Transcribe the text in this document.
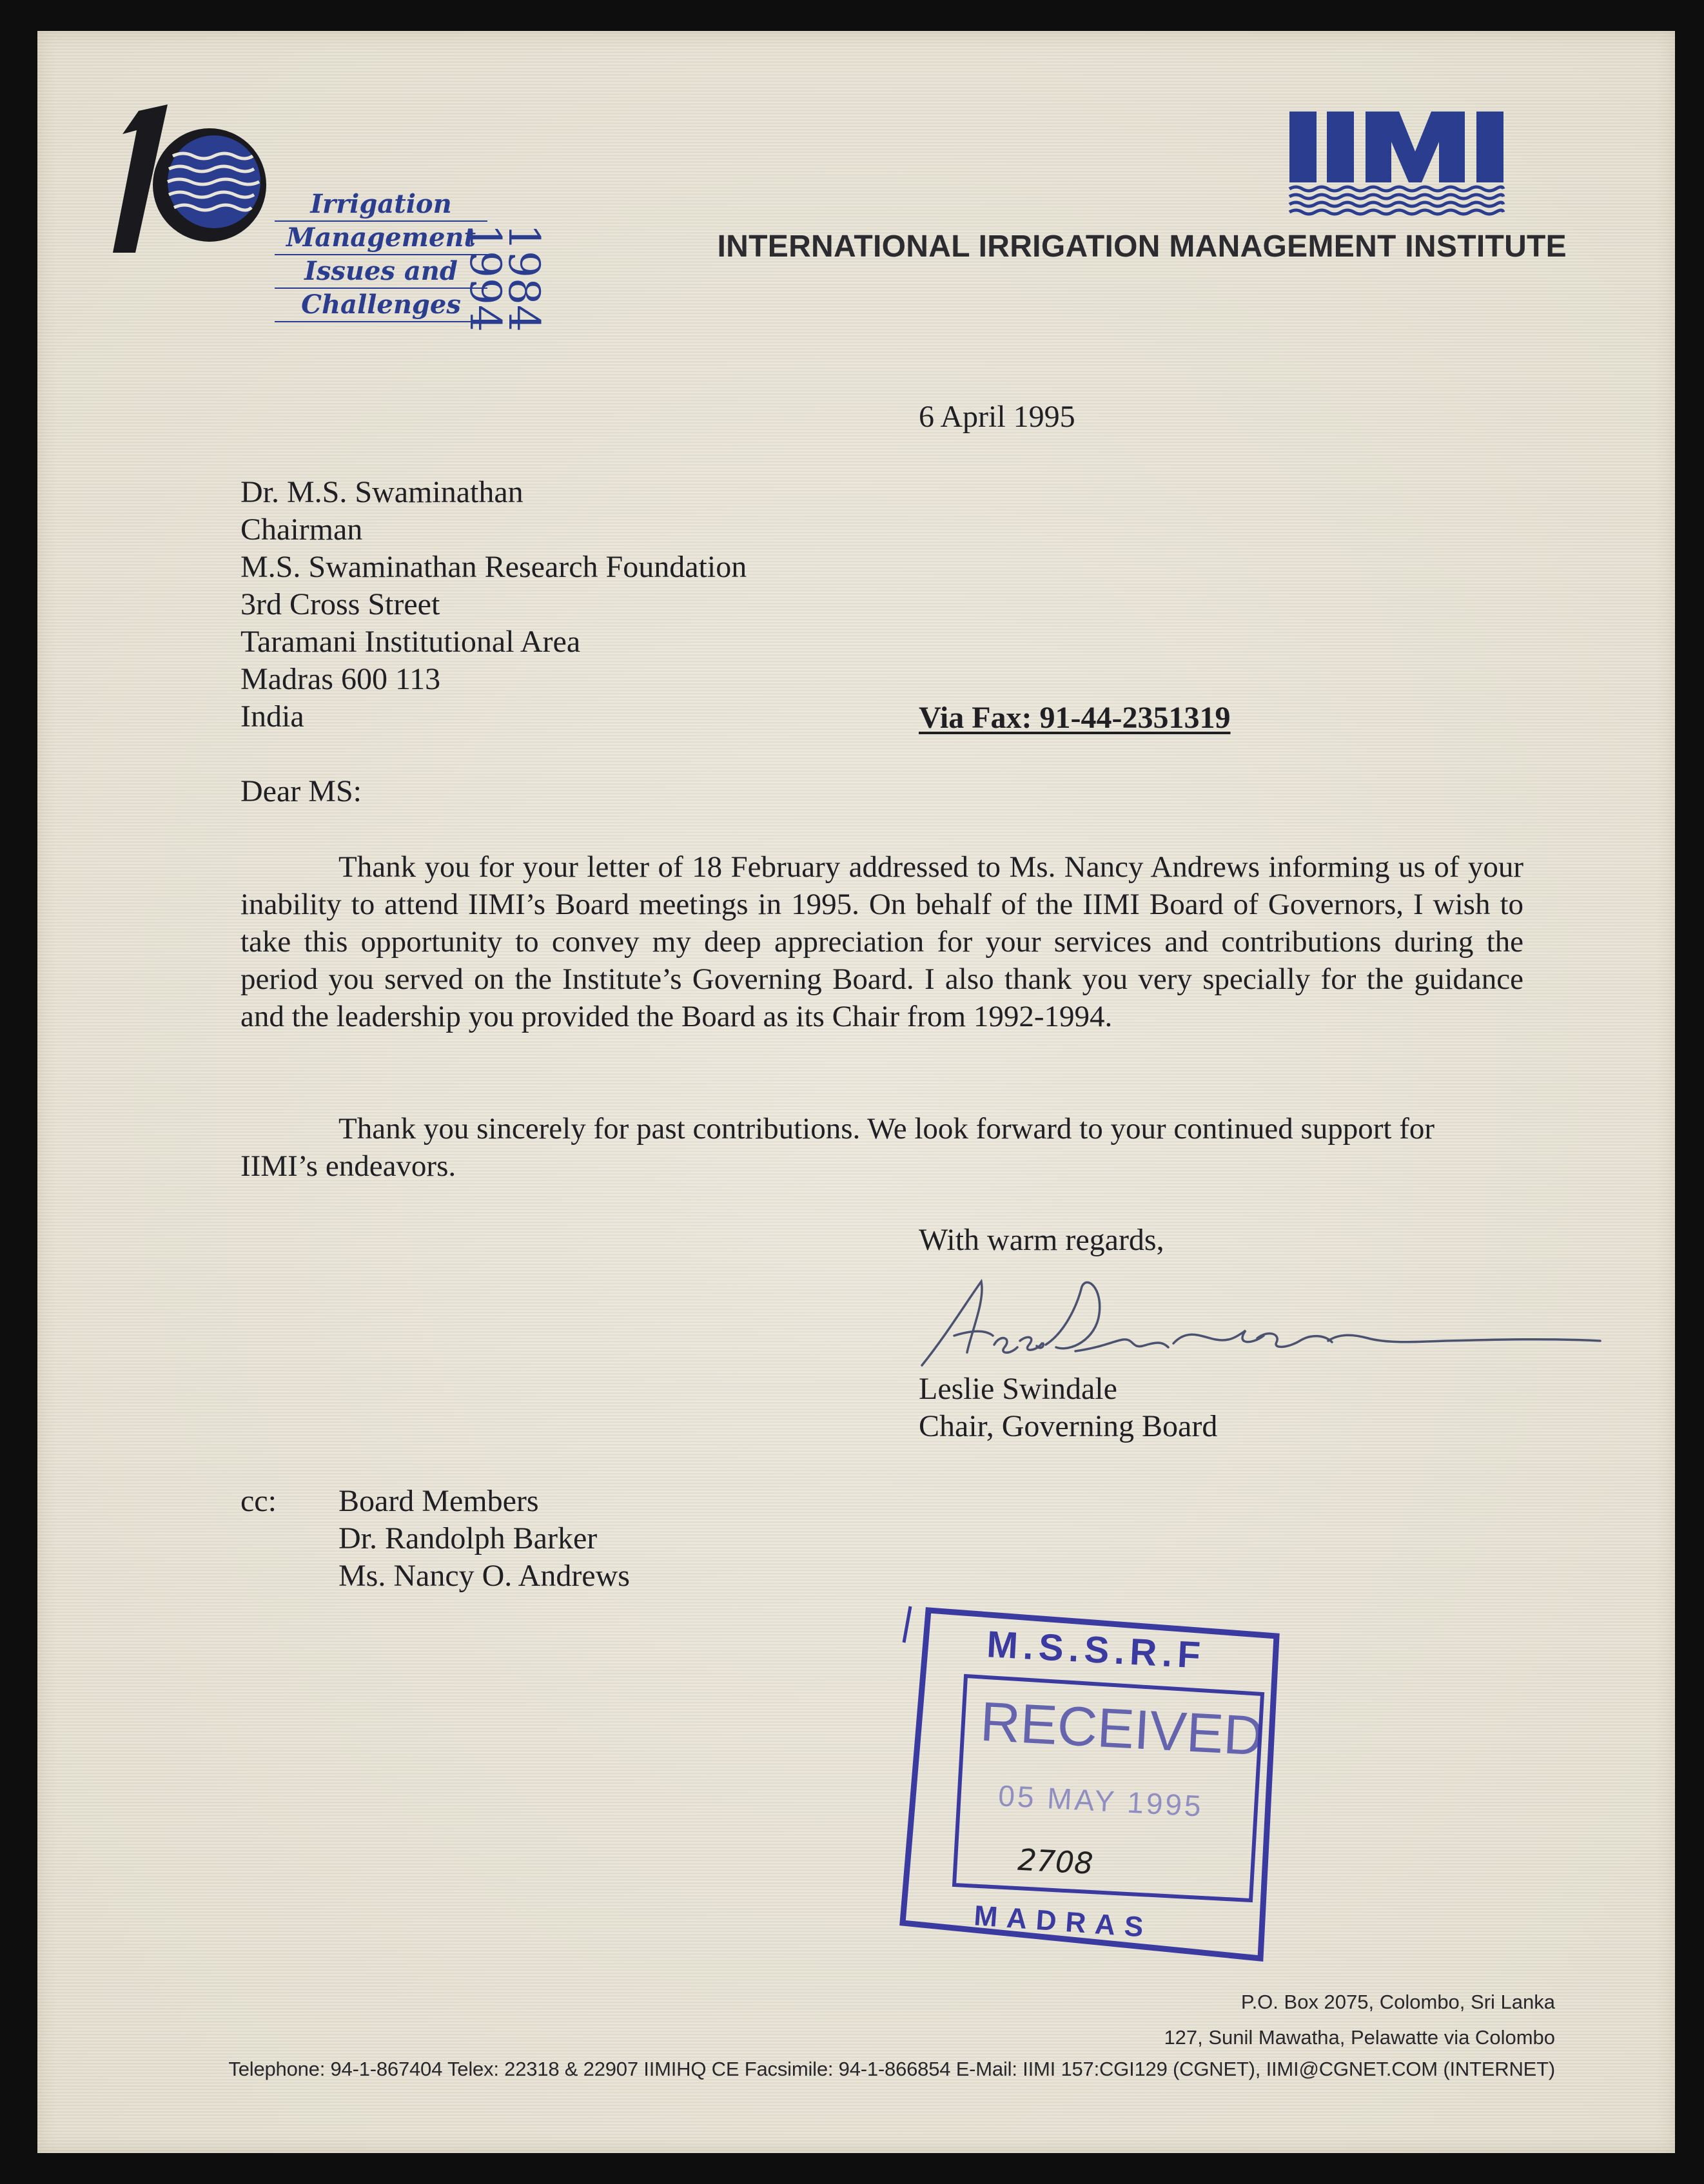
Irrigation
Management
Issues and
Challenges 1984
1994	INTERNATIONAL IRRIGATION MANAGEMENT INSTITUTE
6 April 1995
Dr. M.S. Swaminathan
Chairman
M.S. Swaminathan Research Foundation
3rd Cross Street
Taramani Institutional Area
Madras 600 113
India	Via Fax: 91-44-2351319
Dear MS:
Thank you for your letter of 18 February addressed to Ms. Nancy Andrews informing us of your inability to attend IIMI’s Board meetings in 1995. On behalf of the IIMI Board of Governors, I wish to take this opportunity to convey my deep appreciation for your services and contributions during the period you served on the Institute’s Governing Board. I also thank you very specially for the guidance and the leadership you provided the Board as its Chair from 1992-1994.
Thank you sincerely for past contributions. We look forward to your continued support for IIMI’s endeavors.
With warm regards,
Leslie Swindale
Chair, Governing Board
cc: Board Members
Dr. Randolph Barker
Ms. Nancy O. Andrews
M.S.S.R.F
RECEIVED
05 MAY 1995
2708
MADRAS
P.O. Box 2075, Colombo, Sri Lanka
127, Sunil Mawatha, Pelawatte via Colombo
Telephone: 94-1-867404 Telex: 22318 & 22907 IIMIHQ CE Facsimile: 94-1-866854 E-Mail: IIMI 157:CGI129 (CGNET), IIMI@CGNET.COM (INTERNET)
